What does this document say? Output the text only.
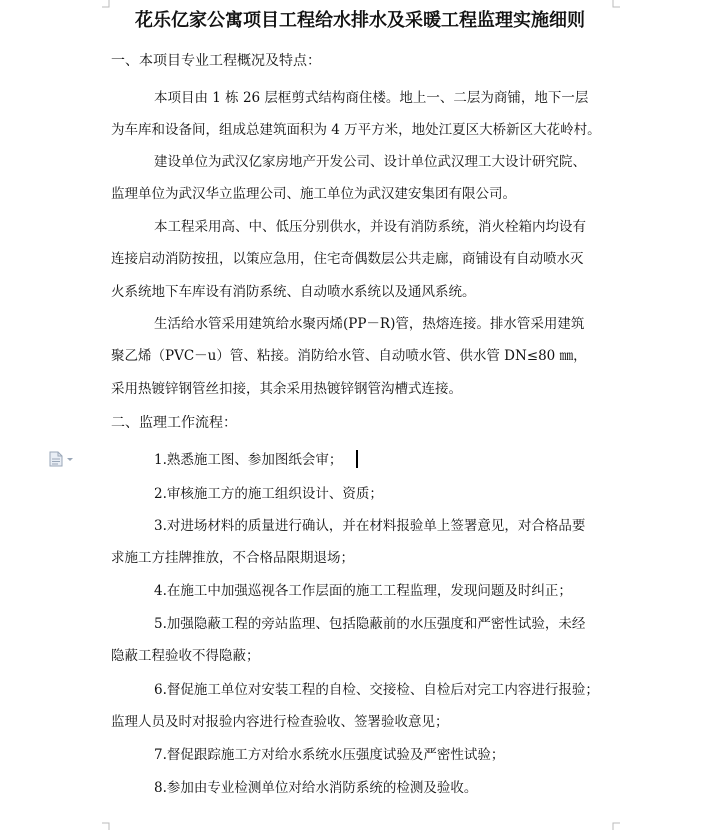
花乐亿家公寓项目工程给水排水及采暖工程监理实施细则
一、本项目专业工程概况及特点：
本项目由 1 栋 26 层框剪式结构商住楼。地上一、二层为商铺，地下一层
为车库和设备间，组成总建筑面积为 4 万平方米，地处江夏区大桥新区大花岭村。
建设单位为武汉亿家房地产开发公司、设计单位武汉理工大设计研究院、
监理单位为武汉华立监理公司、施工单位为武汉建安集团有限公司。
本工程采用高、中、低压分别供水，并设有消防系统，消火栓箱内均设有
连接启动消防按扭，以策应急用，住宅奇偶数层公共走廊，商铺设有自动喷水灭
火系统地下车库设有消防系统、自动喷水系统以及通风系统。
生活给水管采用建筑给水聚丙烯(PP－R)管，热熔连接。排水管采用建筑
聚乙烯（PVC－u）管、粘接。消防给水管、自动喷水管、供水管 DN≤80 ㎜，
采用热镀锌钢管丝扣接，其余采用热镀锌钢管沟槽式连接。
二、监理工作流程：
1.熟悉施工图、参加图纸会审；
2.审核施工方的施工组织设计、资质；
3.对进场材料的质量进行确认，并在材料报验单上签署意见，对合格品要
求施工方挂牌推放，不合格品限期退场；
4.在施工中加强巡视各工作层面的施工工程监理，发现问题及时纠正；
5.加强隐蔽工程的旁站监理、包括隐蔽前的水压强度和严密性试验，未经
隐蔽工程验收不得隐蔽；
6.督促施工单位对安装工程的自检、交接检、自检后对完工内容进行报验；
监理人员及时对报验内容进行检查验收、签署验收意见；
7.督促跟踪施工方对给水系统水压强度试验及严密性试验；
8.参加由专业检测单位对给水消防系统的检测及验收。
